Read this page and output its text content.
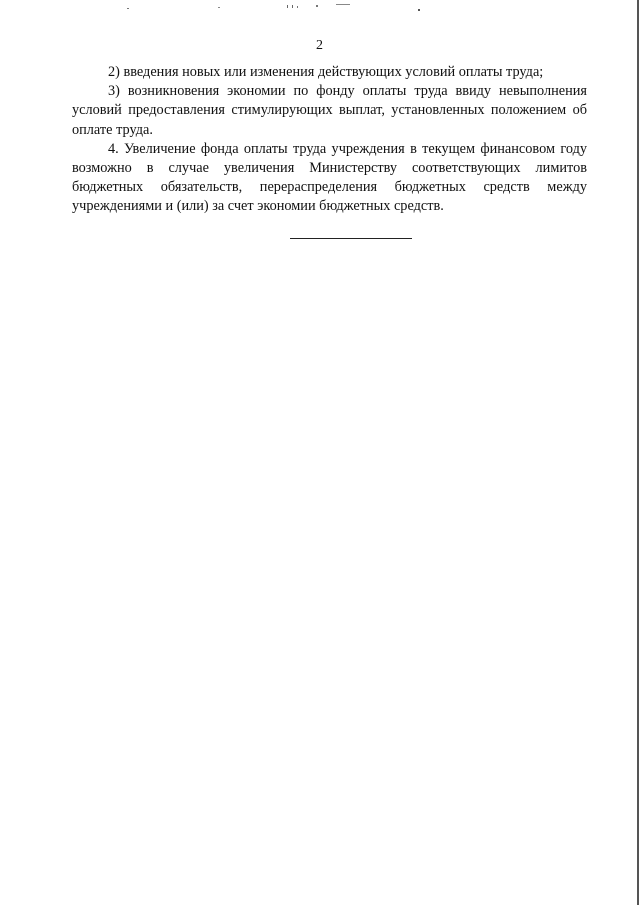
2

2) введения новых или изменения действующих условий оплаты труда;

3) возникновения экономии по фонду оплаты труда ввиду невыполнения условий предоставления стимулирующих выплат, установленных положением об оплате труда.

4. Увеличение фонда оплаты труда учреждения в текущем финансовом году возможно в случае увеличения Министерству соответствующих лимитов бюджетных обязательств, перераспределения бюджетных средств между учреждениями и (или) за счет экономии бюджетных средств.
